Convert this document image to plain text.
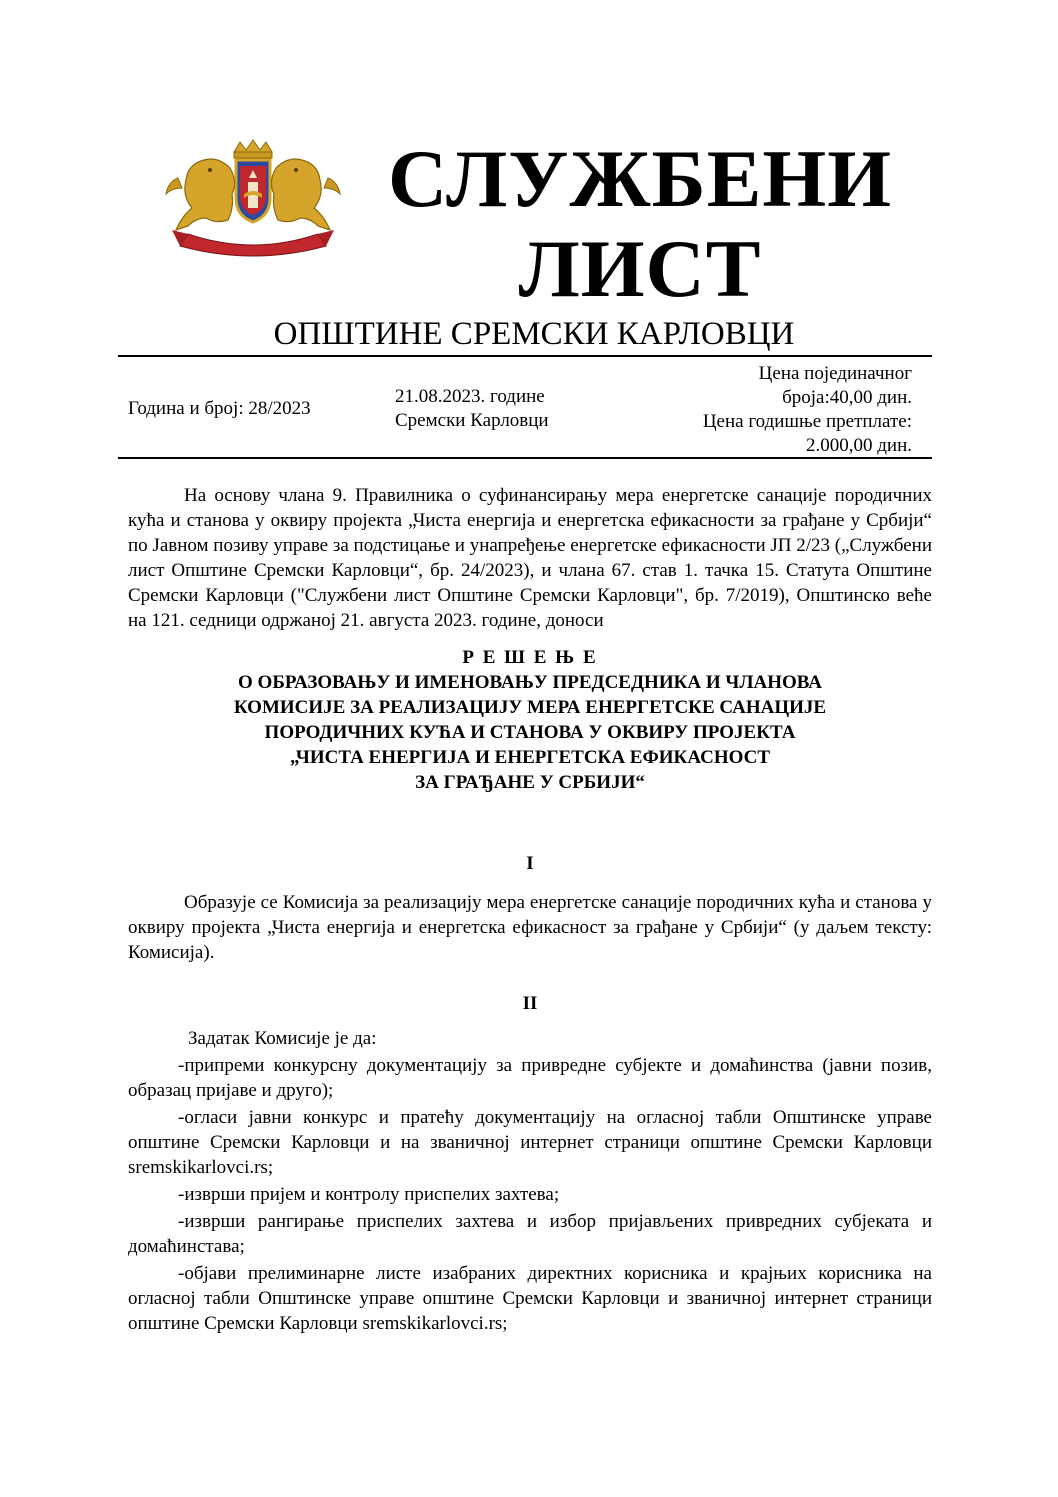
СЛУЖБЕНИ
ЛИСТ
ОПШТИНЕ СРЕМСКИ КАРЛОВЦИ
Година и број: 28/2023
21.08.2023. године
Сремски Карловци
Цена појединачног
броја:40,00 дин.
Цена годишње претплате:
2.000,00 дин.

На основу члана 9. Правилника о суфинансирању мера енергетске санације породичних кућа и станова у оквиру пројекта „Чиста енергија и енергетска ефикасности за грађане у Србији“ по Јавном позиву управе за подстицање и унапређење енергетске ефикасности ЈП 2/23 („Службени лист Општине Сремски Карловци“, бр. 24/2023), и члана 67. став 1. тачка 15. Статута Општине Сремски Карловци ("Службени лист Општине Сремски Карловци", бр. 7/2019), Општинско веће на 121. седници одржаној 21. августа 2023. године, доноси

Р Е Ш Е Њ Е
О ОБРАЗОВАЊУ И ИМЕНОВАЊУ ПРЕДСЕДНИКА И ЧЛАНОВА
КОМИСИЈЕ ЗА РЕАЛИЗАЦИЈУ МЕРА ЕНЕРГЕТСКЕ САНАЦИЈЕ
ПОРОДИЧНИХ КУЋА И СТАНОВА У ОКВИРУ ПРОЈЕКТА
„ЧИСТА ЕНЕРГИЈА И ЕНЕРГЕТСКА ЕФИКАСНОСТ
ЗА ГРАЂАНЕ У СРБИЈИ“
I

Образује се Комисија за реализацију мера енергетске санације породичних кућа и станова у оквиру пројекта „Чиста енергија и енергетска ефикасност за грађане у Србији“ (у даљем тексту: Комисија).

II

Задатак Комисије је да:

-припреми конкурсну документацију за привредне субјекте и домаћинства (јавни позив, образац пријаве и друго);

-огласи јавни конкурс и пратећу документацију на огласној табли Општинске управе општине Сремски Карловци и на званичној интернет страници општине Сремски Карловци sremskikarlovci.rs;

-изврши пријем и контролу приспелих захтева;

-изврши рангирање приспелих захтева и избор пријављених привредних субјеката и домаћинстава;

-објави прелиминарне листе изабраних директних корисника и крајњих корисника на огласној табли Општинске управе општине Сремски Карловци и званичној интернет страници општине Сремски Карловци sremskikarlovci.rs;
